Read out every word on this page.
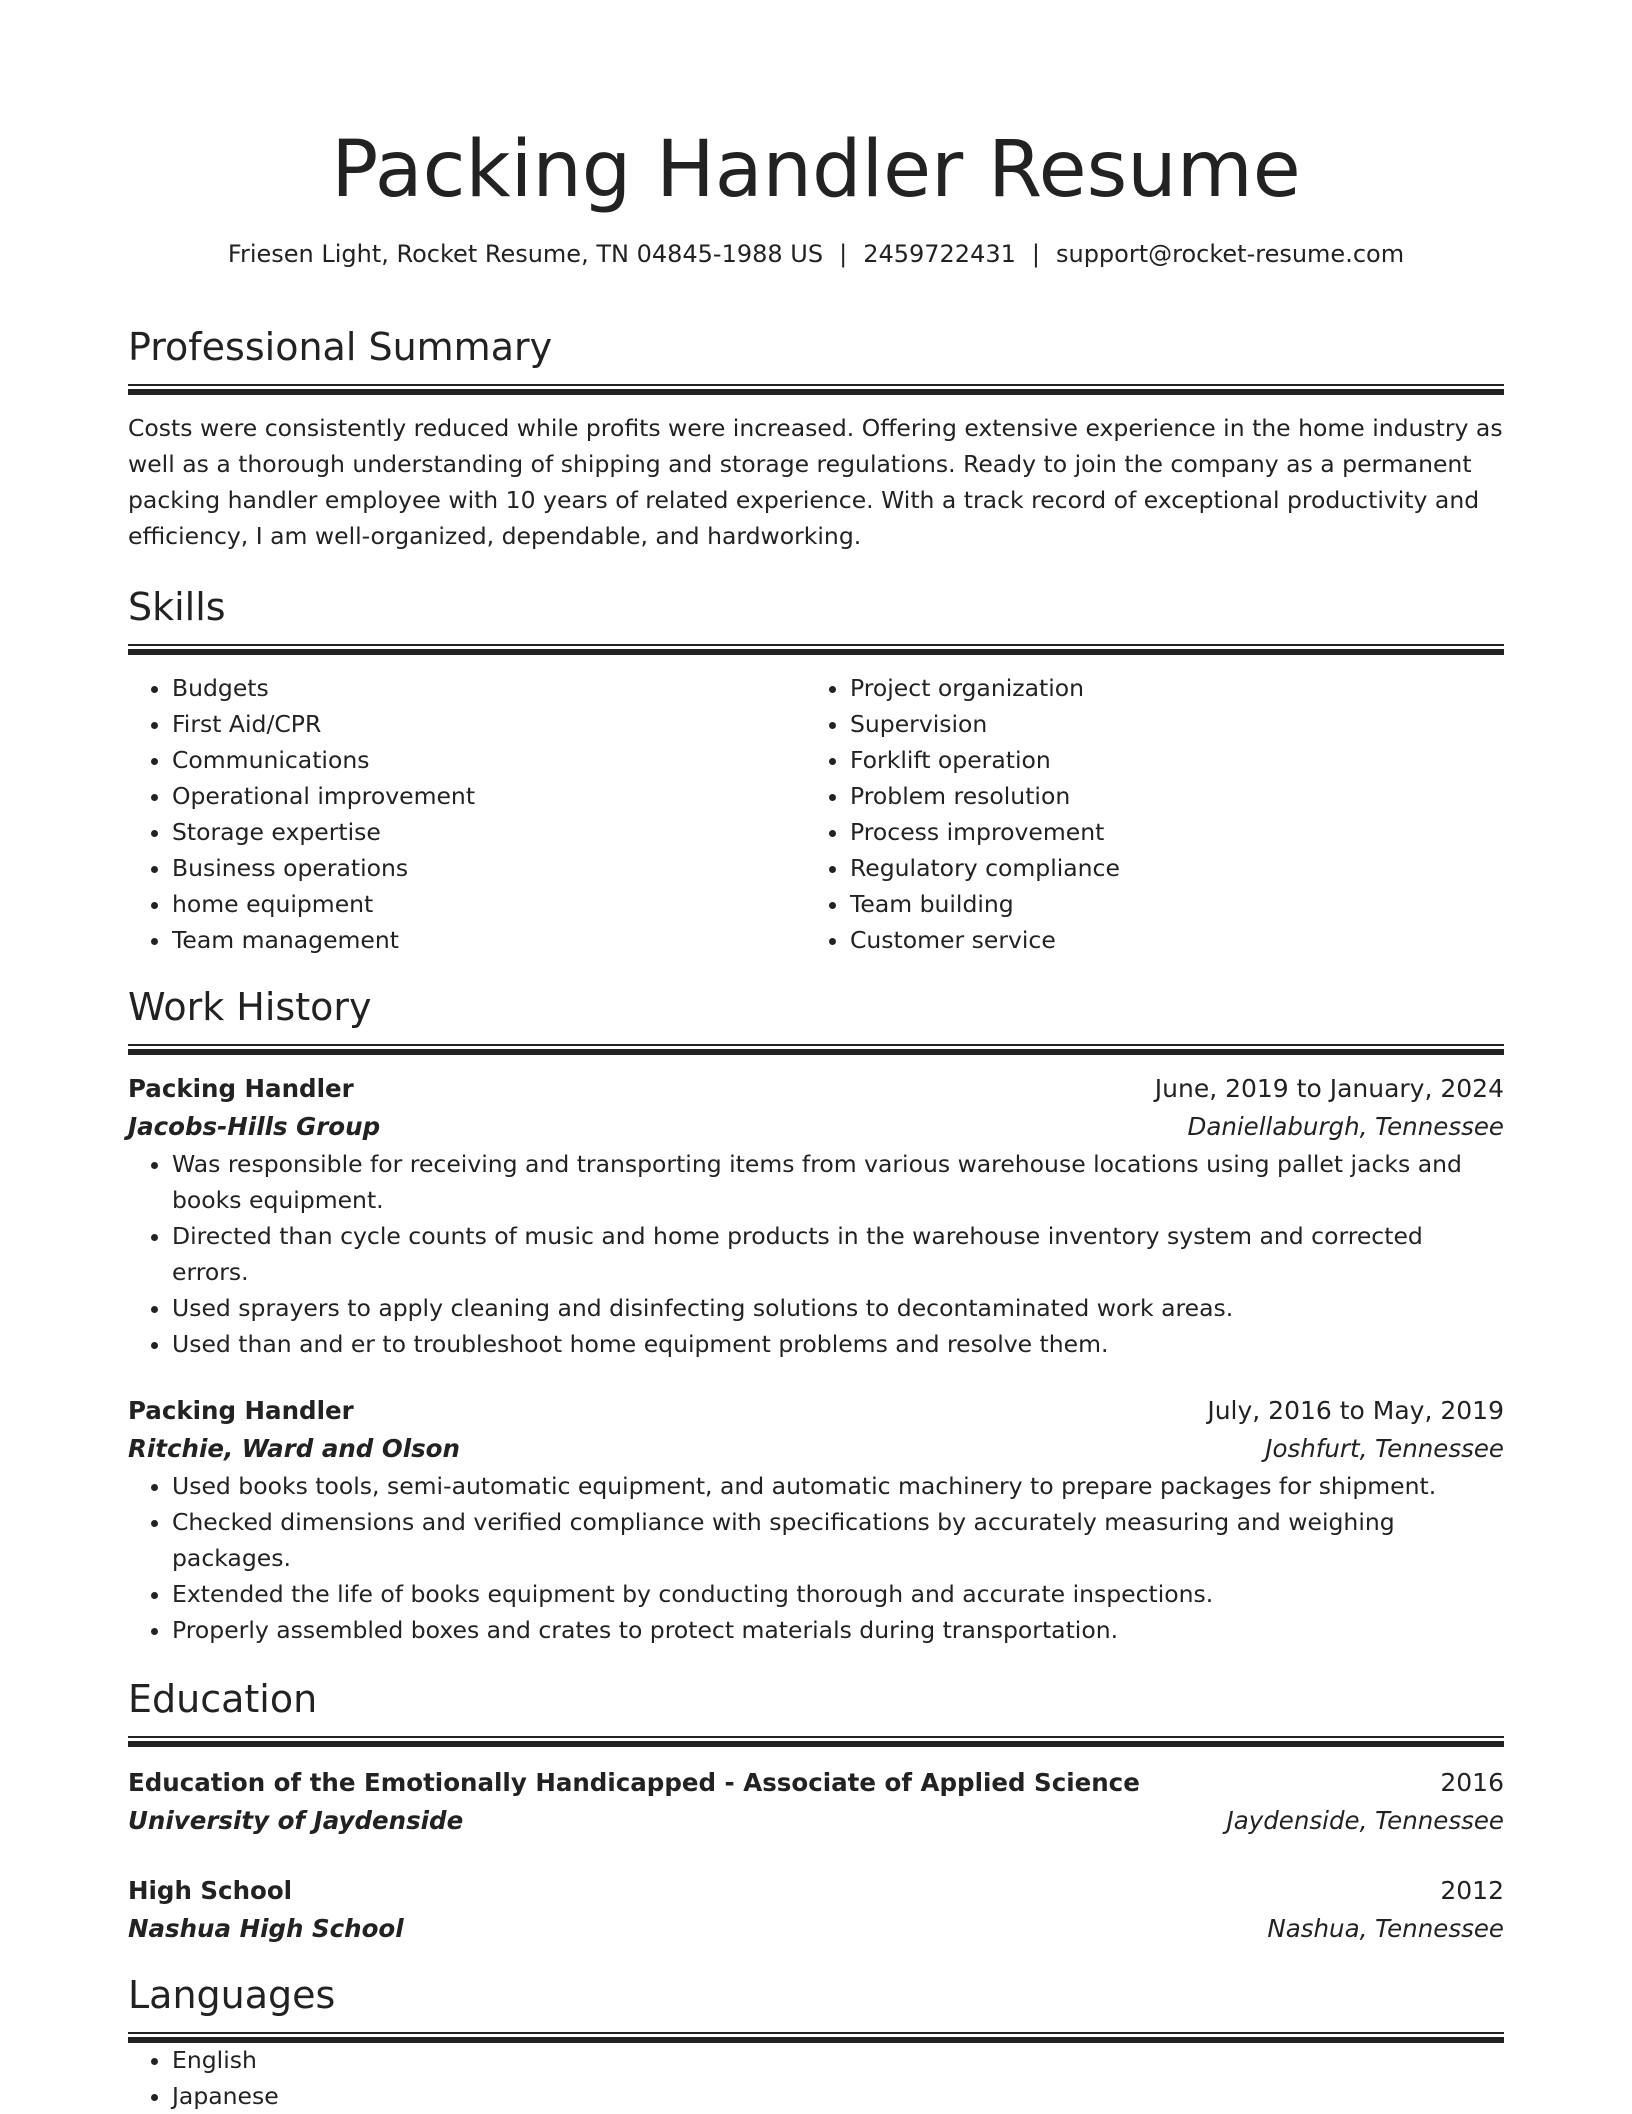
Packing Handler Resume
Friesen Light, Rocket Resume, TN 04845-1988 US | 2459722431 | support@rocket-resume.com
Professional Summary
Costs were consistently reduced while profits were increased. Offering extensive experience in the home industry as well as a thorough understanding of shipping and storage regulations. Ready to join the company as a permanent packing handler employee with 10 years of related experience. With a track record of exceptional productivity and efficiency, I am well-organized, dependable, and hardworking.
Skills
• Budgets
• First Aid/CPR
• Communications
• Operational improvement
• Storage expertise
• Business operations
• home equipment
• Team management
• Project organization
• Supervision
• Forklift operation
• Problem resolution
• Process improvement
• Regulatory compliance
• Team building
• Customer service
Work History
Packing Handler	June, 2019 to January, 2024
Jacobs-Hills Group	Daniellaburgh, Tennessee
• Was responsible for receiving and transporting items from various warehouse locations using pallet jacks and books equipment.
• Directed than cycle counts of music and home products in the warehouse inventory system and corrected errors.
• Used sprayers to apply cleaning and disinfecting solutions to decontaminated work areas.
• Used than and er to troubleshoot home equipment problems and resolve them.
Packing Handler	July, 2016 to May, 2019
Ritchie, Ward and Olson	Joshfurt, Tennessee
• Used books tools, semi-automatic equipment, and automatic machinery to prepare packages for shipment.
• Checked dimensions and verified compliance with specifications by accurately measuring and weighing packages.
• Extended the life of books equipment by conducting thorough and accurate inspections.
• Properly assembled boxes and crates to protect materials during transportation.
Education
Education of the Emotionally Handicapped - Associate of Applied Science	2016
University of Jaydenside	Jaydenside, Tennessee
High School	2012
Nashua High School	Nashua, Tennessee
Languages
• English
• Japanese
